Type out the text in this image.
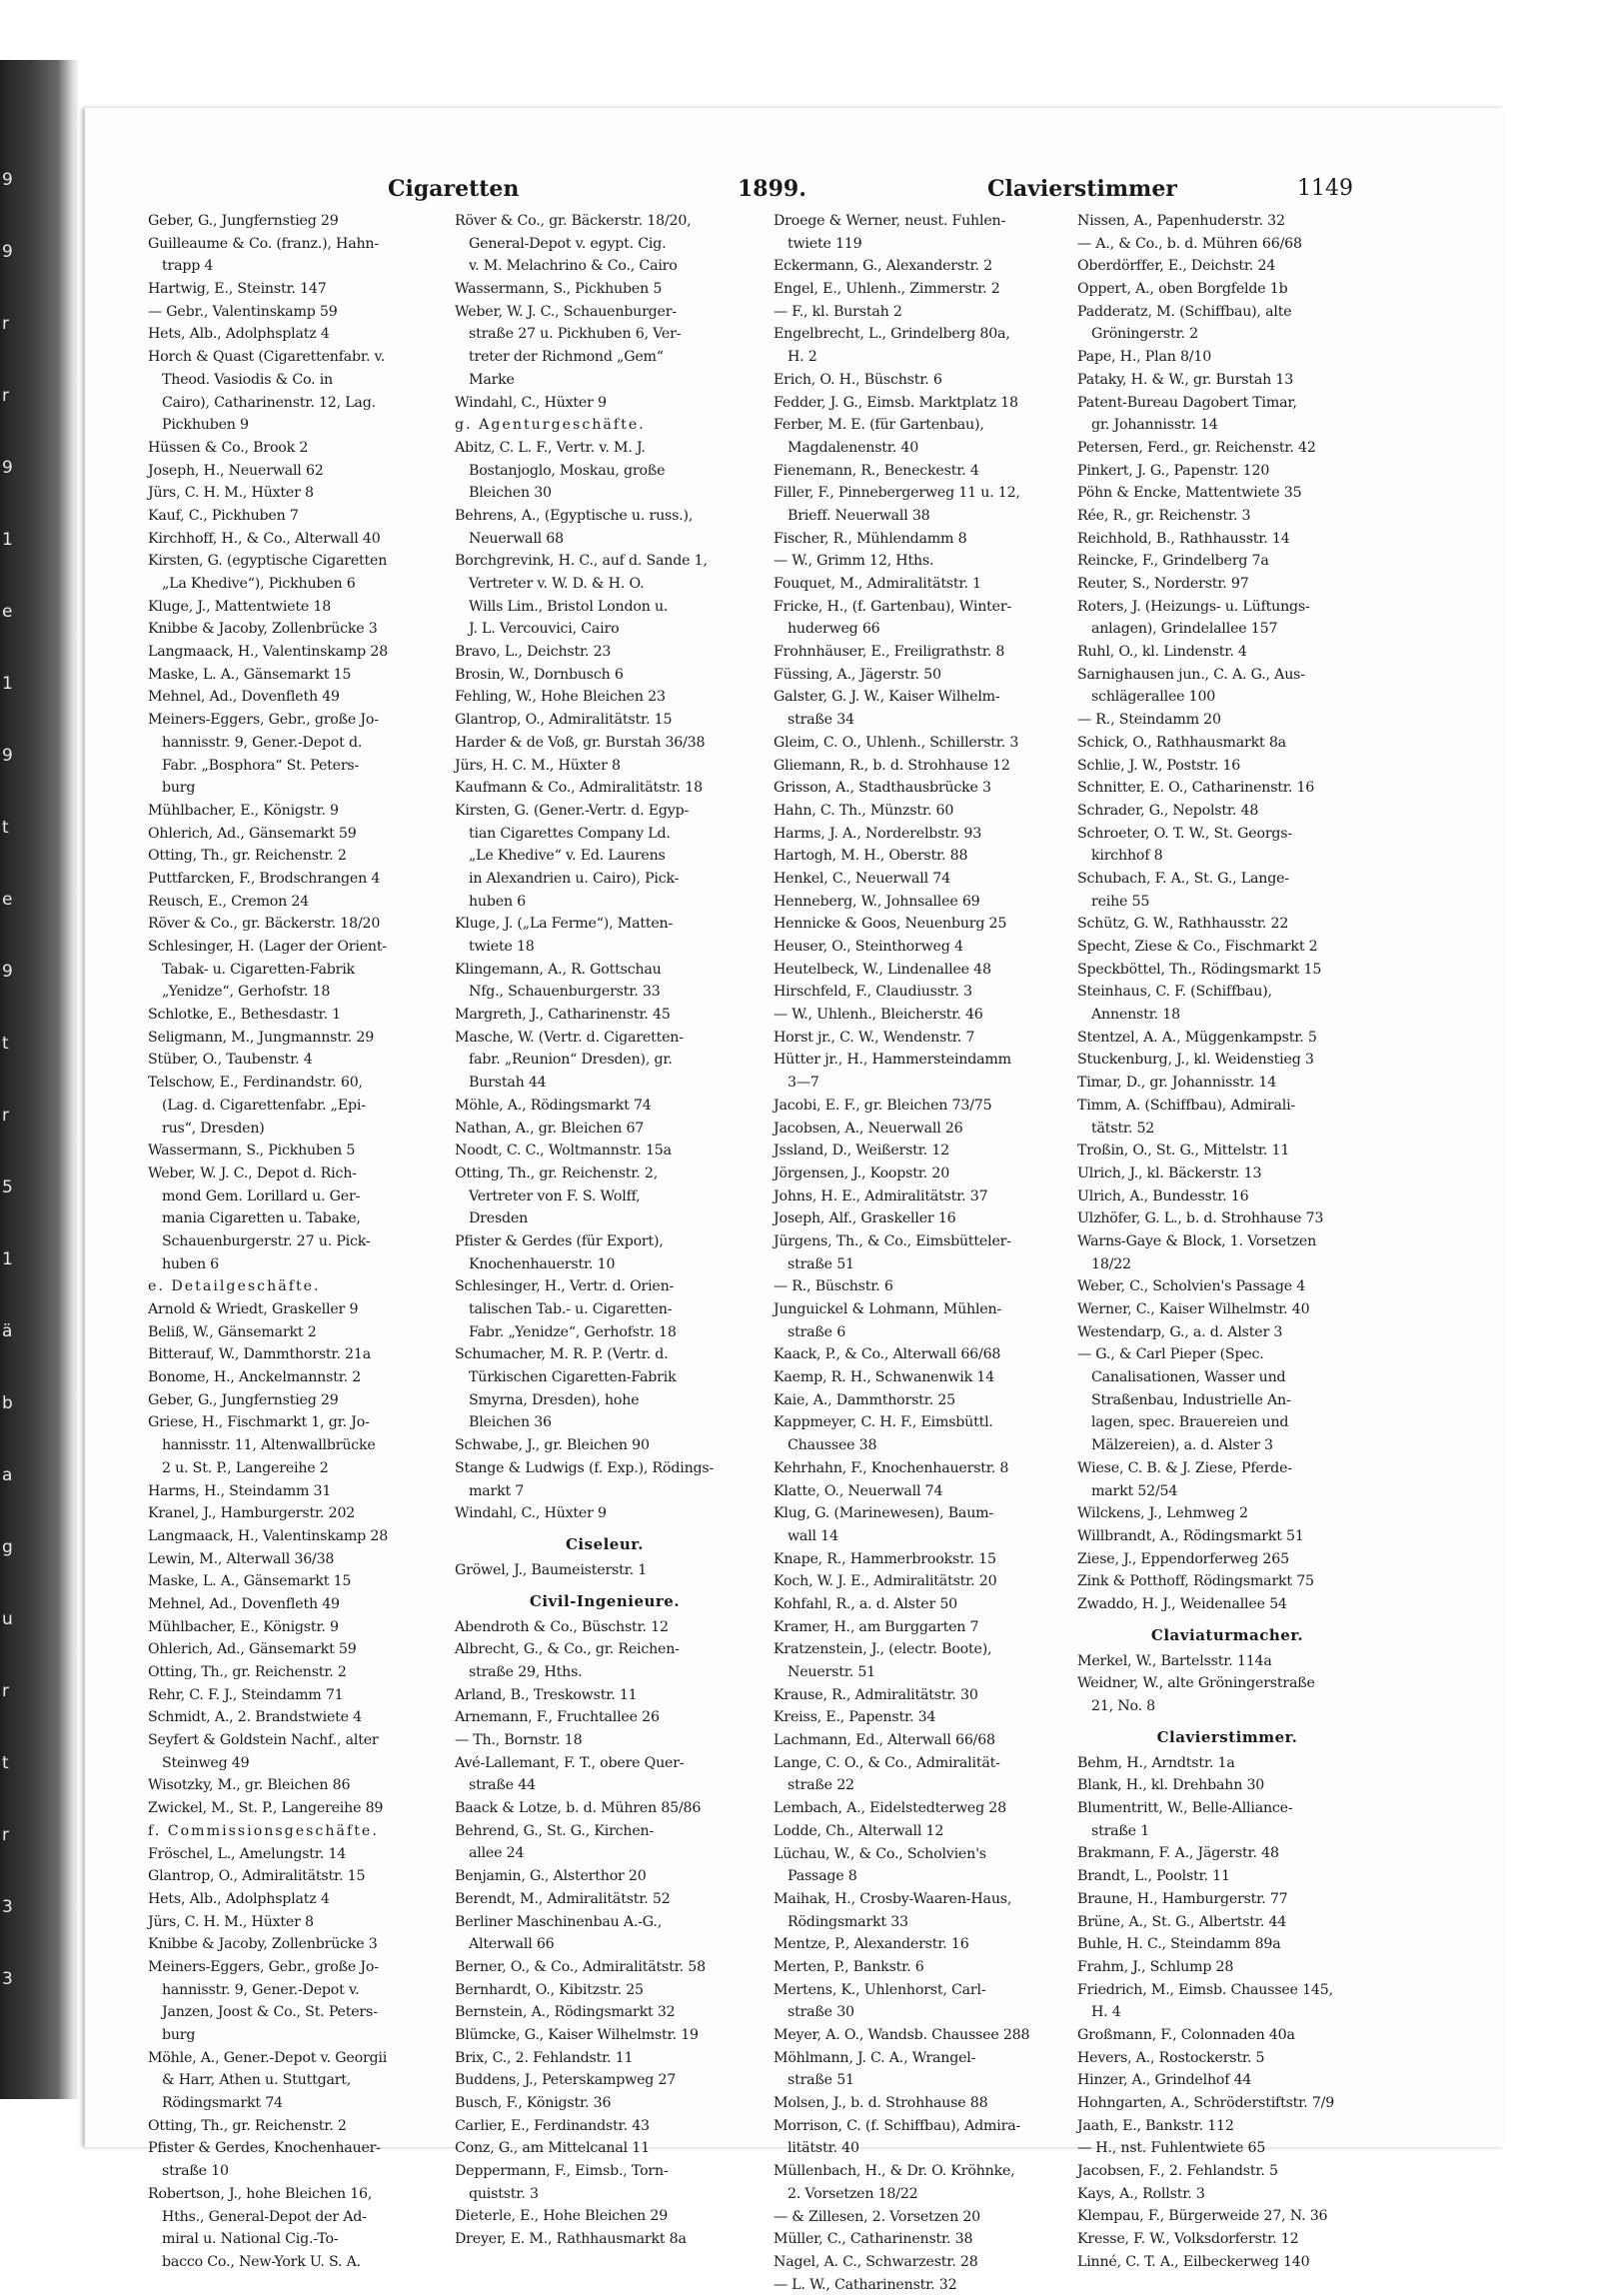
9
9
r
r
9
1
e
1
9
t
e
9
t
r
5
1
ä
b
a
g
u
r
t
r
3
3
Cigaretten	1899.	Clavierstimmer	1149
Geber, G., Jungfernstieg 29
Guilleaume & Co. (franz.), Hahn-
 trapp 4
Hartwig, E., Steinstr. 147
— Gebr., Valentinskamp 59
Hets, Alb., Adolphsplatz 4
Horch & Quast (Cigarettenfabr. v.
 Theod. Vasiodis & Co. in
 Cairo), Catharinenstr. 12, Lag.
 Pickhuben 9
Hüssen & Co., Brook 2
Joseph, H., Neuerwall 62
Jürs, C. H. M., Hüxter 8
Kauf, C., Pickhuben 7
Kirchhoff, H., & Co., Alterwall 40
Kirsten, G. (egyptische Cigaretten
 „La Khedive“), Pickhuben 6
Kluge, J., Mattentwiete 18
Knibbe & Jacoby, Zollenbrücke 3
Langmaack, H., Valentinskamp 28
Maske, L. A., Gänsemarkt 15
Mehnel, Ad., Dovenfleth 49
Meiners-Eggers, Gebr., große Jo-
 hannisstr. 9, Gener.-Depot d.
 Fabr. „Bosphora“ St. Peters-
 burg
Mühlbacher, E., Königstr. 9
Ohlerich, Ad., Gänsemarkt 59
Otting, Th., gr. Reichenstr. 2
Puttfarcken, F., Brodschrangen 4
Reusch, E., Cremon 24
Röver & Co., gr. Bäckerstr. 18/20
Schlesinger, H. (Lager der Orient-
 Tabak- u. Cigaretten-Fabrik
 „Yenidze“, Gerhofstr. 18
Schlotke, E., Bethesdastr. 1
Seligmann, M., Jungmannstr. 29
Stüber, O., Taubenstr. 4
Telschow, E., Ferdinandstr. 60,
 (Lag. d. Cigarettenfabr. „Epi-
 rus“, Dresden)
Wassermann, S., Pickhuben 5
Weber, W. J. C., Depot d. Rich-
 mond Gem. Lorillard u. Ger-
 mania Cigaretten u. Tabake,
 Schauenburgerstr. 27 u. Pick-
 huben 6
e. Detailgeschäfte.
Arnold & Wriedt, Graskeller 9
Beliß, W., Gänsemarkt 2
Bitterauf, W., Dammthorstr. 21a
Bonome, H., Anckelmannstr. 2
Geber, G., Jungfernstieg 29
Griese, H., Fischmarkt 1, gr. Jo-
 hannisstr. 11, Altenwallbrücke
 2 u. St. P., Langereihe 2
Harms, H., Steindamm 31
Kranel, J., Hamburgerstr. 202
Langmaack, H., Valentinskamp 28
Lewin, M., Alterwall 36/38
Maske, L. A., Gänsemarkt 15
Mehnel, Ad., Dovenfleth 49
Mühlbacher, E., Königstr. 9
Ohlerich, Ad., Gänsemarkt 59
Otting, Th., gr. Reichenstr. 2
Rehr, C. F. J., Steindamm 71
Schmidt, A., 2. Brandstwiete 4
Seyfert & Goldstein Nachf., alter
 Steinweg 49
Wisotzky, M., gr. Bleichen 86
Zwickel, M., St. P., Langereihe 89
f. Commissionsgeschäfte.
Fröschel, L., Amelungstr. 14
Glantrop, O., Admiralitätstr. 15
Hets, Alb., Adolphsplatz 4
Jürs, C. H. M., Hüxter 8
Knibbe & Jacoby, Zollenbrücke 3
Meiners-Eggers, Gebr., große Jo-
 hannisstr. 9, Gener.-Depot v.
 Janzen, Joost & Co., St. Peters-
 burg
Möhle, A., Gener.-Depot v. Georgii
 & Harr, Athen u. Stuttgart,
 Rödingsmarkt 74
Otting, Th., gr. Reichenstr. 2
Pfister & Gerdes, Knochenhauer-
 straße 10
Robertson, J., hohe Bleichen 16,
 Hths., General-Depot der Ad-
 miral u. National Cig.-To-
 bacco Co., New-York U. S. A.
Röver & Co., gr. Bäckerstr. 18/20,
 General-Depot v. egypt. Cig.
 v. M. Melachrino & Co., Cairo
Wassermann, S., Pickhuben 5
Weber, W. J. C., Schauenburger-
 straße 27 u. Pickhuben 6, Ver-
 treter der Richmond „Gem“
 Marke
Windahl, C., Hüxter 9
g. Agenturgeschäfte.
Abitz, C. L. F., Vertr. v. M. J.
 Bostanjoglo, Moskau, große
 Bleichen 30
Behrens, A., (Egyptische u. russ.),
 Neuerwall 68
Borchgrevink, H. C., auf d. Sande 1,
 Vertreter v. W. D. & H. O.
 Wills Lim., Bristol London u.
 J. L. Vercouvici, Cairo
Bravo, L., Deichstr. 23
Brosin, W., Dornbusch 6
Fehling, W., Hohe Bleichen 23
Glantrop, O., Admiralitätstr. 15
Harder & de Voß, gr. Burstah 36/38
Jürs, H. C. M., Hüxter 8
Kaufmann & Co., Admiralitätstr. 18
Kirsten, G. (Gener.-Vertr. d. Egyp-
 tian Cigarettes Company Ld.
 „Le Khedive“ v. Ed. Laurens
 in Alexandrien u. Cairo), Pick-
 huben 6
Kluge, J. („La Ferme“), Matten-
 twiete 18
Klingemann, A., R. Gottschau
 Nfg., Schauenburgerstr. 33
Margreth, J., Catharinenstr. 45
Masche, W. (Vertr. d. Cigaretten-
 fabr. „Reunion“ Dresden), gr.
 Burstah 44
Möhle, A., Rödingsmarkt 74
Nathan, A., gr. Bleichen 67
Noodt, C. C., Woltmannstr. 15a
Otting, Th., gr. Reichenstr. 2,
 Vertreter von F. S. Wolff,
 Dresden
Pfister & Gerdes (für Export),
 Knochenhauerstr. 10
Schlesinger, H., Vertr. d. Orien-
 talischen Tab.- u. Cigaretten-
 Fabr. „Yenidze“, Gerhofstr. 18
Schumacher, M. R. P. (Vertr. d.
 Türkischen Cigaretten-Fabrik
 Smyrna, Dresden), hohe
 Bleichen 36
Schwabe, J., gr. Bleichen 90
Stange & Ludwigs (f. Exp.), Rödings-
 markt 7
Windahl, C., Hüxter 9
Ciseleur.
Gröwel, J., Baumeisterstr. 1
Civil-Ingenieure.
Abendroth & Co., Büschstr. 12
Albrecht, G., & Co., gr. Reichen-
 straße 29, Hths.
Arland, B., Treskowstr. 11
Arnemann, F., Fruchtallee 26
— Th., Bornstr. 18
Avé-Lallemant, F. T., obere Quer-
 straße 44
Baack & Lotze, b. d. Mühren 85/86
Behrend, G., St. G., Kirchen-
 allee 24
Benjamin, G., Alsterthor 20
Berendt, M., Admiralitätstr. 52
Berliner Maschinenbau A.-G.,
 Alterwall 66
Berner, O., & Co., Admiralitätstr. 58
Bernhardt, O., Kibitzstr. 25
Bernstein, A., Rödingsmarkt 32
Blümcke, G., Kaiser Wilhelmstr. 19
Brix, C., 2. Fehlandstr. 11
Buddens, J., Peterskampweg 27
Busch, F., Königstr. 36
Carlier, E., Ferdinandstr. 43
Conz, G., am Mittelcanal 11
Deppermann, F., Eimsb., Torn-
 quiststr. 3
Dieterle, E., Hohe Bleichen 29
Dreyer, E. M., Rathhausmarkt 8a
Droege & Werner, neust. Fuhlen-
 twiete 119
Eckermann, G., Alexanderstr. 2
Engel, E., Uhlenh., Zimmerstr. 2
— F., kl. Burstah 2
Engelbrecht, L., Grindelberg 80a,
 H. 2
Erich, O. H., Büschstr. 6
Fedder, J. G., Eimsb. Marktplatz 18
Ferber, M. E. (für Gartenbau),
 Magdalenenstr. 40
Fienemann, R., Beneckestr. 4
Filler, F., Pinnebergerweg 11 u. 12,
 Brieff. Neuerwall 38
Fischer, R., Mühlendamm 8
— W., Grimm 12, Hths.
Fouquet, M., Admiralitätstr. 1
Fricke, H., (f. Gartenbau), Winter-
 huderweg 66
Frohnhäuser, E., Freiligrathstr. 8
Füssing, A., Jägerstr. 50
Galster, G. J. W., Kaiser Wilhelm-
 straße 34
Gleim, C. O., Uhlenh., Schillerstr. 3
Gliemann, R., b. d. Strohhause 12
Grisson, A., Stadthausbrücke 3
Hahn, C. Th., Münzstr. 60
Harms, J. A., Norderelbstr. 93
Hartogh, M. H., Oberstr. 88
Henkel, C., Neuerwall 74
Henneberg, W., Johnsallee 69
Hennicke & Goos, Neuenburg 25
Heuser, O., Steinthorweg 4
Heutelbeck, W., Lindenallee 48
Hirschfeld, F., Claudiusstr. 3
— W., Uhlenh., Bleicherstr. 46
Horst jr., C. W., Wendenstr. 7
Hütter jr., H., Hammersteindamm
 3—7
Jacobi, E. F., gr. Bleichen 73/75
Jacobsen, A., Neuerwall 26
Jssland, D., Weißerstr. 12
Jörgensen, J., Koopstr. 20
Johns, H. E., Admiralitätstr. 37
Joseph, Alf., Graskeller 16
Jürgens, Th., & Co., Eimsbütteler-
 straße 51
— R., Büschstr. 6
Junguickel & Lohmann, Mühlen-
 straße 6
Kaack, P., & Co., Alterwall 66/68
Kaemp, R. H., Schwanenwik 14
Kaie, A., Dammthorstr. 25
Kappmeyer, C. H. F., Eimsbüttl.
 Chaussee 38
Kehrhahn, F., Knochenhauerstr. 8
Klatte, O., Neuerwall 74
Klug, G. (Marinewesen), Baum-
 wall 14
Knape, R., Hammerbrookstr. 15
Koch, W. J. E., Admiralitätstr. 20
Kohfahl, R., a. d. Alster 50
Kramer, H., am Burggarten 7
Kratzenstein, J., (electr. Boote),
 Neuerstr. 51
Krause, R., Admiralitätstr. 30
Kreiss, E., Papenstr. 34
Lachmann, Ed., Alterwall 66/68
Lange, C. O., & Co., Admiralität-
 straße 22
Lembach, A., Eidelstedterweg 28
Lodde, Ch., Alterwall 12
Lüchau, W., & Co., Scholvien's
 Passage 8
Maihak, H., Crosby-Waaren-Haus,
 Rödingsmarkt 33
Mentze, P., Alexanderstr. 16
Merten, P., Bankstr. 6
Mertens, K., Uhlenhorst, Carl-
 straße 30
Meyer, A. O., Wandsb. Chaussee 288
Möhlmann, J. C. A., Wrangel-
 straße 51
Molsen, J., b. d. Strohhause 88
Morrison, C. (f. Schiffbau), Admira-
 litätstr. 40
Müllenbach, H., & Dr. O. Kröhnke,
 2. Vorsetzen 18/22
— & Zillesen, 2. Vorsetzen 20
Müller, C., Catharinenstr. 38
Nagel, A. C., Schwarzestr. 28
— L. W., Catharinenstr. 32
Nissen, A., Papenhuderstr. 32
— A., & Co., b. d. Mühren 66/68
Oberdörffer, E., Deichstr. 24
Oppert, A., oben Borgfelde 1b
Padderatz, M. (Schiffbau), alte
 Gröningerstr. 2
Pape, H., Plan 8/10
Pataky, H. & W., gr. Burstah 13
Patent-Bureau Dagobert Timar,
 gr. Johannisstr. 14
Petersen, Ferd., gr. Reichenstr. 42
Pinkert, J. G., Papenstr. 120
Pöhn & Encke, Mattentwiete 35
Rée, R., gr. Reichenstr. 3
Reichhold, B., Rathhausstr. 14
Reincke, F., Grindelberg 7a
Reuter, S., Norderstr. 97
Roters, J. (Heizungs- u. Lüftungs-
 anlagen), Grindelallee 157
Ruhl, O., kl. Lindenstr. 4
Sarnighausen jun., C. A. G., Aus-
 schlägerallee 100
— R., Steindamm 20
Schick, O., Rathhausmarkt 8a
Schlie, J. W., Poststr. 16
Schnitter, E. O., Catharinenstr. 16
Schrader, G., Nepolstr. 48
Schroeter, O. T. W., St. Georgs-
 kirchhof 8
Schubach, F. A., St. G., Lange-
 reihe 55
Schütz, G. W., Rathhausstr. 22
Specht, Ziese & Co., Fischmarkt 2
Speckböttel, Th., Rödingsmarkt 15
Steinhaus, C. F. (Schiffbau),
 Annenstr. 18
Stentzel, A. A., Müggenkampstr. 5
Stuckenburg, J., kl. Weidenstieg 3
Timar, D., gr. Johannisstr. 14
Timm, A. (Schiffbau), Admirali-
 tätstr. 52
Troßin, O., St. G., Mittelstr. 11
Ulrich, J., kl. Bäckerstr. 13
Ulrich, A., Bundesstr. 16
Ulzhöfer, G. L., b. d. Strohhause 73
Warns-Gaye & Block, 1. Vorsetzen
 18/22
Weber, C., Scholvien's Passage 4
Werner, C., Kaiser Wilhelmstr. 40
Westendarp, G., a. d. Alster 3
— G., & Carl Pieper (Spec.
 Canalisationen, Wasser und
 Straßenbau, Industrielle An-
 lagen, spec. Brauereien und
 Mälzereien), a. d. Alster 3
Wiese, C. B. & J. Ziese, Pferde-
 markt 52/54
Wilckens, J., Lehmweg 2
Willbrandt, A., Rödingsmarkt 51
Ziese, J., Eppendorferweg 265
Zink & Potthoff, Rödingsmarkt 75
Zwaddo, H. J., Weidenallee 54
Claviaturmacher.
Merkel, W., Bartelsstr. 114a
Weidner, W., alte Gröningerstraße
 21, No. 8
Clavierstimmer.
Behm, H., Arndtstr. 1a
Blank, H., kl. Drehbahn 30
Blumentritt, W., Belle-Alliance-
 straße 1
Brakmann, F. A., Jägerstr. 48
Brandt, L., Poolstr. 11
Braune, H., Hamburgerstr. 77
Brüne, A., St. G., Albertstr. 44
Buhle, H. C., Steindamm 89a
Frahm, J., Schlump 28
Friedrich, M., Eimsb. Chaussee 145,
 H. 4
Großmann, F., Colonnaden 40a
Hevers, A., Rostockerstr. 5
Hinzer, A., Grindelhof 44
Hohngarten, A., Schröderstiftstr. 7/9
Jaath, E., Bankstr. 112
— H., nst. Fuhlentwiete 65
Jacobsen, F., 2. Fehlandstr. 5
Kays, A., Rollstr. 3
Klempau, F., Bürgerweide 27, N. 36
Kresse, F. W., Volksdorferstr. 12
Linné, C. T. A., Eilbeckerweg 140
